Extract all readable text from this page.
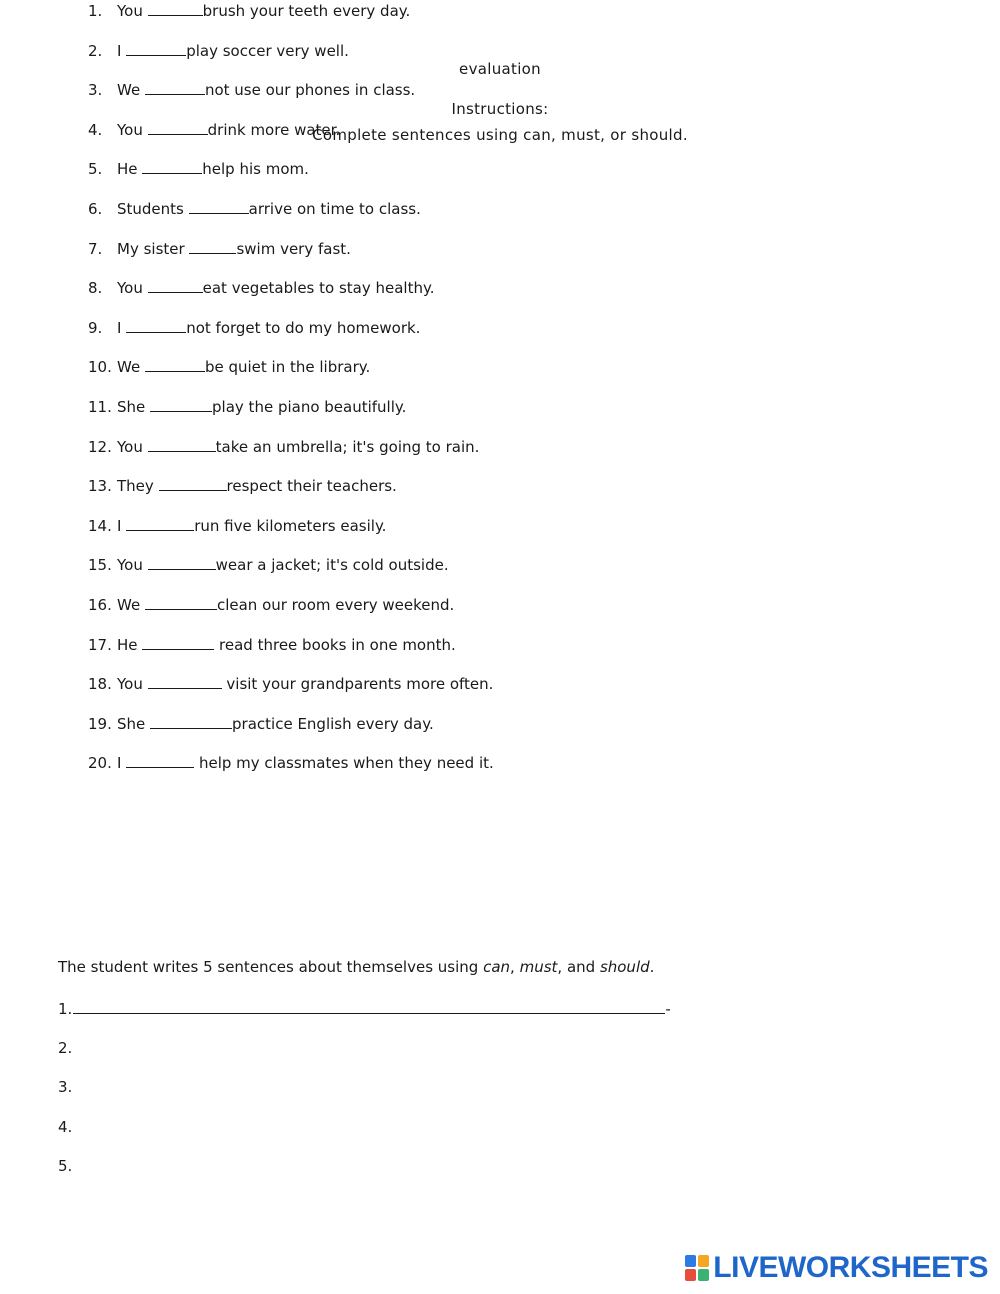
evaluation
Instructions:
Complete sentences using can, must, or should.
1. You	brush your teeth every day.
2. I	play soccer very well.
3. We	not use our phones in class.
4. You	drink more water.
5. He	help his mom.
6. Students	arrive on time to class.
7. My sister	swim very fast.
8. You	eat vegetables to stay healthy.
9. I	not forget to do my homework.
10. We	be quiet in the library.
11. She	play the piano beautifully.
12. You	take an umbrella; it's going to rain.
13. They	respect their teachers.
14. I	run five kilometers easily.
15. You	wear a jacket; it's cold outside.
16. We	clean our room every weekend.
17. He	read three books in one month.
18. You	visit your grandparents more often.
19. She	practice English every day.
20. I	help my classmates when they need it.
The student writes 5 sentences about themselves using can, must, and should.
1.	-
2.
3.
4.
5.
LIVEWORKSHEETS
